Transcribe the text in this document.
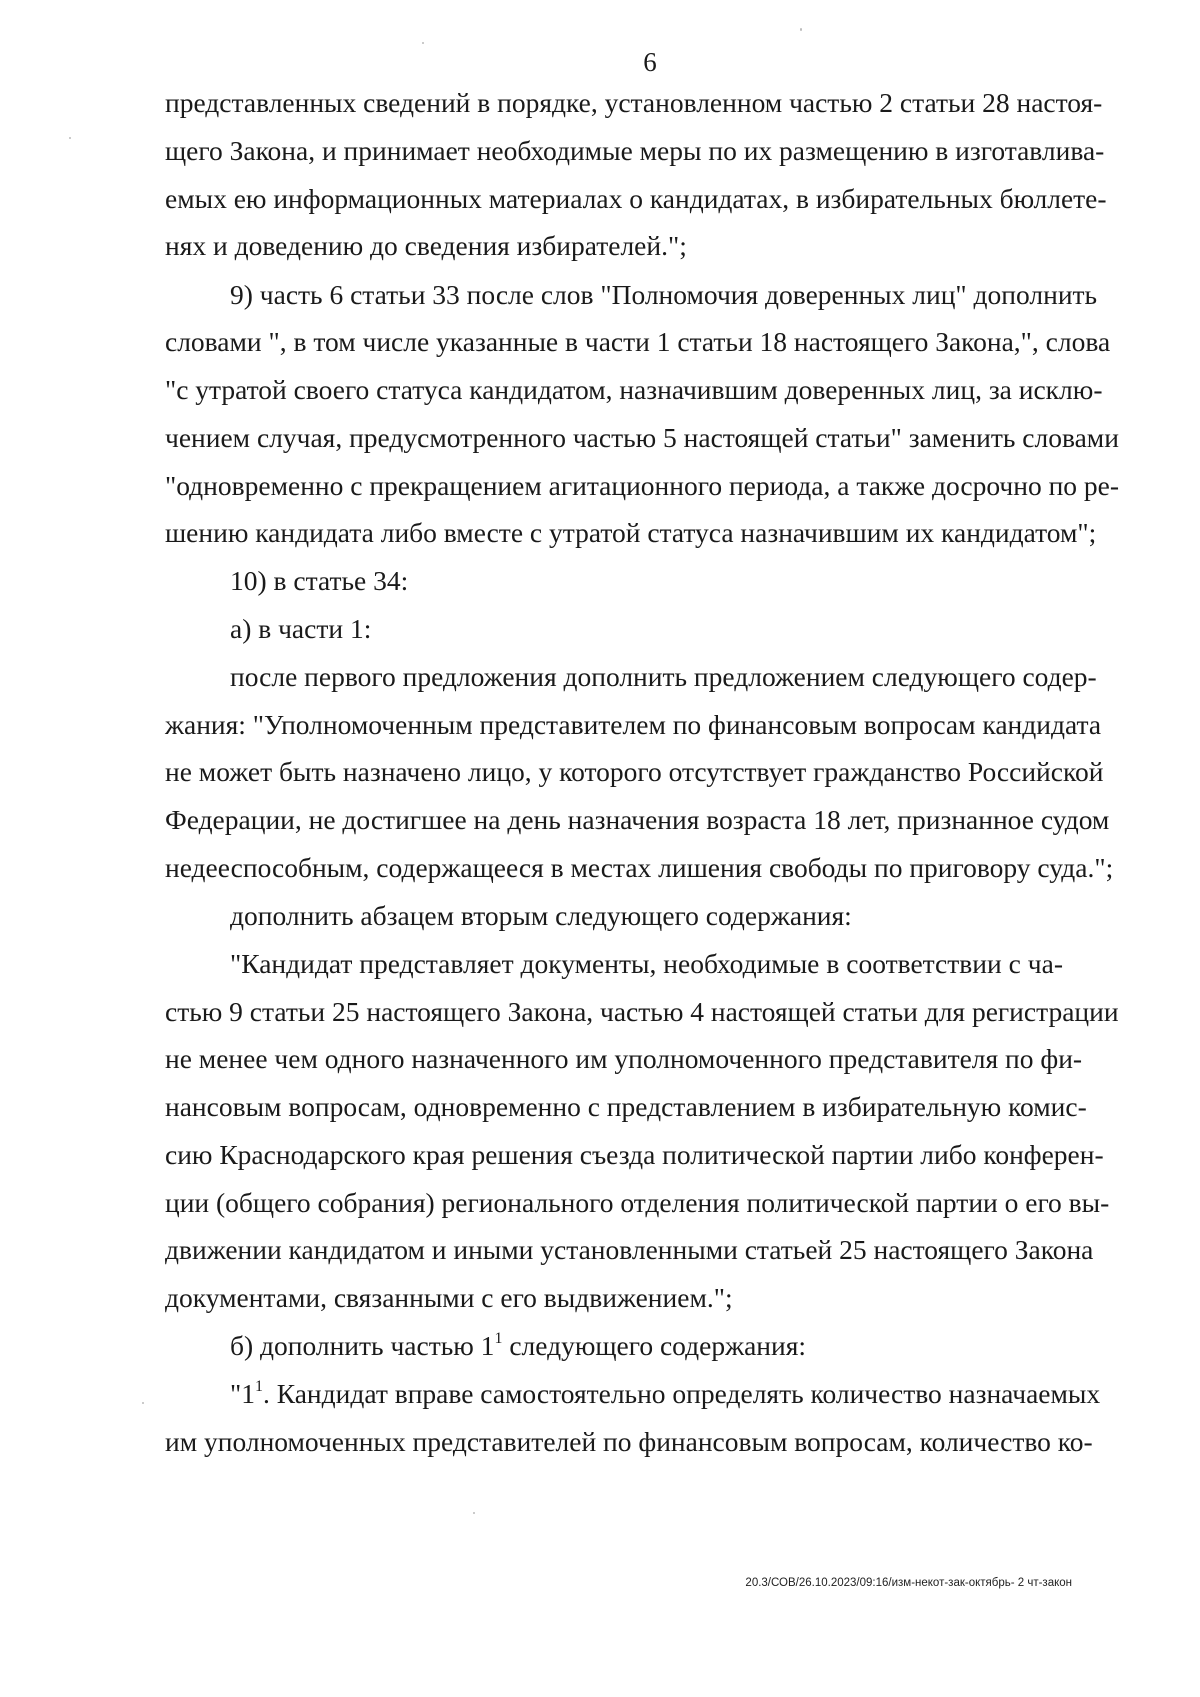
6
представленных сведений в порядке, установленном частью 2 статьи 28 настоя-
щего Закона, и принимает необходимые меры по их размещению в изготавлива-
емых ею информационных материалах о кандидатах, в избирательных бюллете-
нях и доведению до сведения избирателей.";
9) часть 6 статьи 33 после слов "Полномочия доверенных лиц" дополнить
словами ", в том числе указанные в части 1 статьи 18 настоящего Закона,", слова
"с утратой своего статуса кандидатом, назначившим доверенных лиц, за исклю-
чением случая, предусмотренного частью 5 настоящей статьи" заменить словами
"одновременно с прекращением агитационного периода, а также досрочно по ре-
шению кандидата либо вместе с утратой статуса назначившим их кандидатом";
10) в статье 34:
а) в части 1:
после первого предложения дополнить предложением следующего содер-
жания: "Уполномоченным представителем по финансовым вопросам кандидата
не может быть назначено лицо, у которого отсутствует гражданство Российской
Федерации, не достигшее на день назначения возраста 18 лет, признанное судом
недееспособным, содержащееся в местах лишения свободы по приговору суда.";
дополнить абзацем вторым следующего содержания:
"Кандидат представляет документы, необходимые в соответствии с ча-
стью 9 статьи 25 настоящего Закона, частью 4 настоящей статьи для регистрации
не менее чем одного назначенного им уполномоченного представителя по фи-
нансовым вопросам, одновременно с представлением в избирательную комис-
сию Краснодарского края решения съезда политической партии либо конферен-
ции (общего собрания) регионального отделения политической партии о его вы-
движении кандидатом и иными установленными статьей 25 настоящего Закона
документами, связанными с его выдвижением.";
б) дополнить частью $1^1$ следующего содержания:
"$1^1$. Кандидат вправе самостоятельно определять количество назначаемых
им уполномоченных представителей по финансовым вопросам, количество ко-
20.3/СОВ/26.10.2023/09:16/изм-некот-зак-октябрь- 2 чт-закон
